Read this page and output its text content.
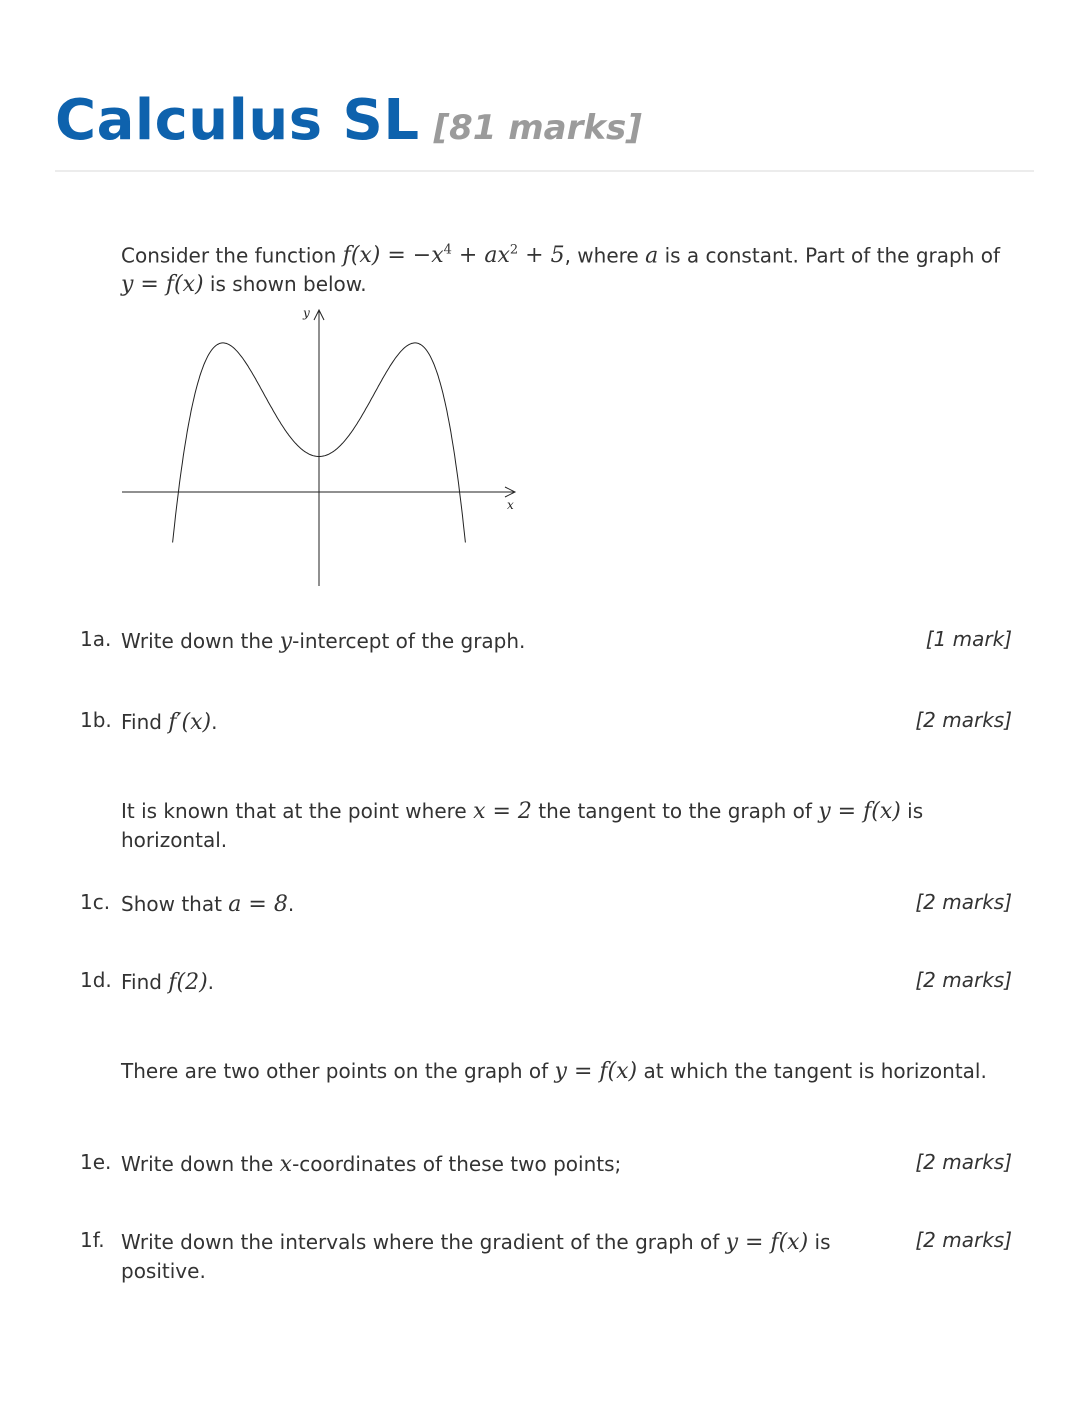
Calculus SL [81 marks]

Consider the function $f(x) = -x^4 + ax^2 + 5$, where a is a constant. Part of the graph of y = f(x) is shown below.

x
y
1a. Write down the y-intercept of the graph.	[1 mark]
1b. Find f′(x).	[2 marks]

It is known that at the point where x = 2 the tangent to the graph of y = f(x) is horizontal.

1c. Show that a = 8.	[2 marks]
1d. Find f(2).	[2 marks]

There are two other points on the graph of y = f(x) at which the tangent is horizontal.

1e. Write down the x-coordinates of these two points;	[2 marks]
1f. Write down the intervals where the gradient of the graph of y = f(x) is positive.
[2 marks]
